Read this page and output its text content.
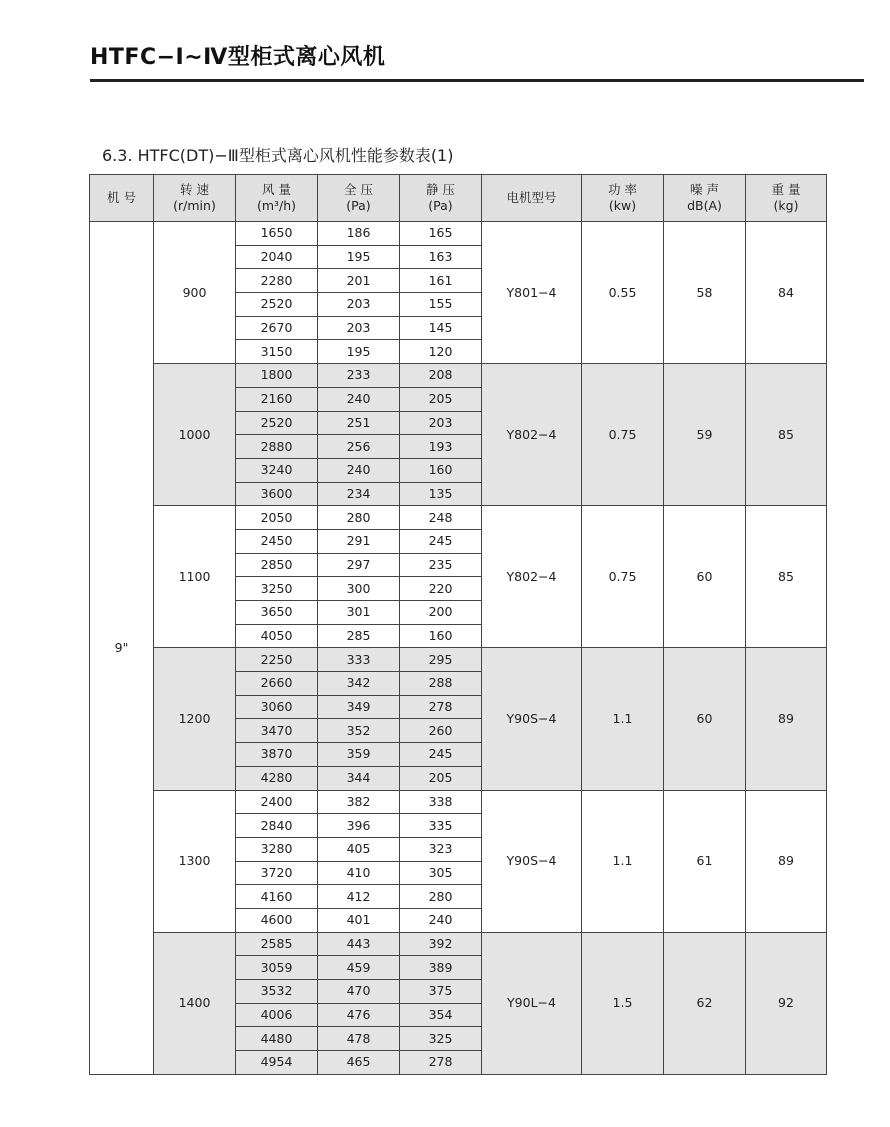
HTFC−Ⅰ~Ⅳ型柜式离心风机
6.3. HTFC(DT)−Ⅲ型柜式离心风机性能参数表(1)
机 号	转 速
(r/min)	风 量
(m³/h)	全 压
(Pa)	静 压
(Pa)	电机型号	功 率
(kw)	噪 声
dB(A)	重 量
(kg)
9"	900	1650	186	165	Y801−4	0.55	58	84
		2040	195	163				
		2280	201	161				
		2520	203	155				
		2670	203	145				
		3150	195	120				
	1000	1800	233	208	Y802−4	0.75	59	85
		2160	240	205				
		2520	251	203				
		2880	256	193				
		3240	240	160				
		3600	234	135				
	1100	2050	280	248	Y802−4	0.75	60	85
		2450	291	245				
		2850	297	235				
		3250	300	220				
		3650	301	200				
		4050	285	160				
	1200	2250	333	295	Y90S−4	1.1	60	89
		2660	342	288				
		3060	349	278				
		3470	352	260				
		3870	359	245				
		4280	344	205				
	1300	2400	382	338	Y90S−4	1.1	61	89
		2840	396	335				
		3280	405	323				
		3720	410	305				
		4160	412	280				
		4600	401	240				
	1400	2585	443	392	Y90L−4	1.5	62	92
		3059	459	389				
		3532	470	375				
		4006	476	354				
		4480	478	325				
		4954	465	278				
